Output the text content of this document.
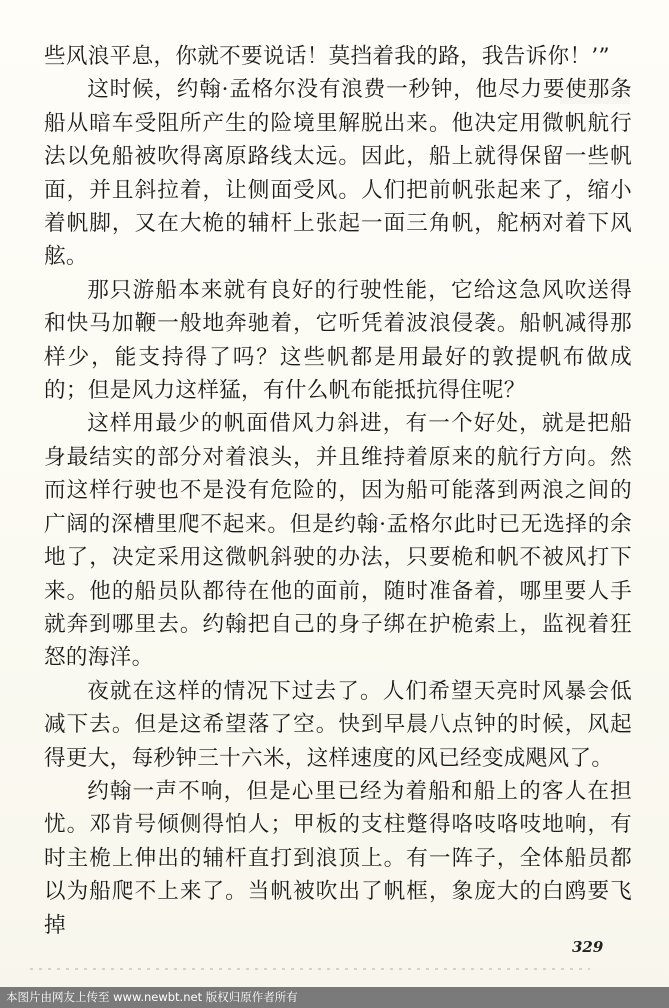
些风浪平息，你就不要说话！莫挡着我的路，我告诉你！’”

这时候，约翰·孟格尔没有浪费一秒钟，他尽力要使那条船从暗车受阻所产生的险境里解脱出来。他决定用微帆航行法以免船被吹得离原路线太远。因此，船上就得保留一些帆面，并且斜拉着，让侧面受风。人们把前帆张起来了，缩小着帆脚，又在大桅的辅杆上张起一面三角帆，舵柄对着下风舷。

那只游船本来就有良好的行驶性能，它给这急风吹送得和快马加鞭一般地奔驰着，它听凭着波浪侵袭。船帆减得那样少，能支持得了吗？这些帆都是用最好的敦提帆布做成的；但是风力这样猛，有什么帆布能抵抗得住呢？

这样用最少的帆面借风力斜进，有一个好处，就是把船身最结实的部分对着浪头，并且维持着原来的航行方向。然而这样行驶也不是没有危险的，因为船可能落到两浪之间的广阔的深槽里爬不起来。但是约翰·孟格尔此时已无选择的余地了，决定采用这微帆斜驶的办法，只要桅和帆不被风打下来。他的船员队都待在他的面前，随时准备着，哪里要人手就奔到哪里去。约翰把自己的身子绑在护桅索上，监视着狂怒的海洋。

夜就在这样的情况下过去了。人们希望天亮时风暴会低减下去。但是这希望落了空。快到早晨八点钟的时候，风起得更大，每秒钟三十六米，这样速度的风已经变成飓风了。

约翰一声不响，但是心里已经为着船和船上的客人在担忧。邓肯号倾侧得怕人；甲板的支柱蹩得咯吱咯吱地响，有时主桅上伸出的辅杆直打到浪顶上。有一阵子，全体船员都以为船爬不上来了。当帆被吹出了帆框，象庞大的白鸥要飞掉

329
本图片由网友上传至 www.newbt.net 版权归原作者所有
